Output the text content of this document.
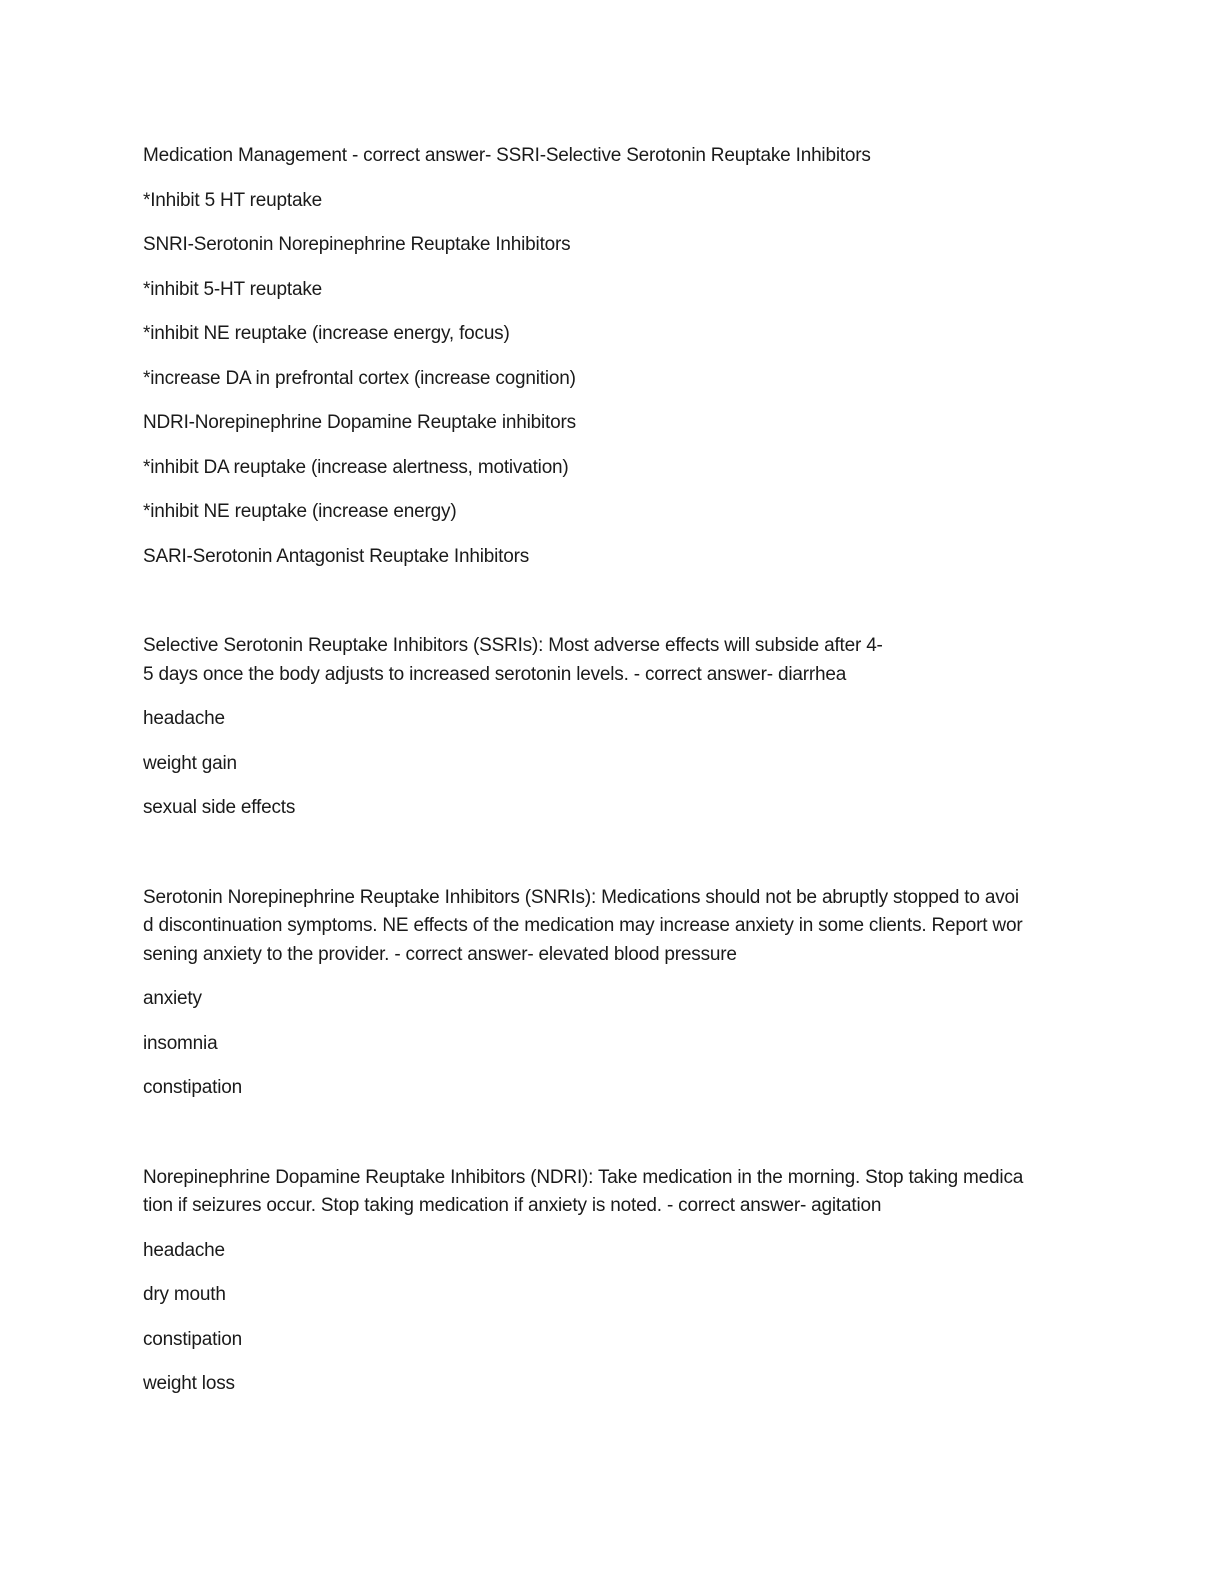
Medication Management - correct answer- SSRI-Selective Serotonin Reuptake Inhibitors
*Inhibit 5 HT reuptake
SNRI-Serotonin Norepinephrine Reuptake Inhibitors
*inhibit 5-HT reuptake
*inhibit NE reuptake (increase energy, focus)
*increase DA in prefrontal cortex (increase cognition)
NDRI-Norepinephrine Dopamine Reuptake inhibitors
*inhibit DA reuptake (increase alertness, motivation)
*inhibit NE reuptake (increase energy)
SARI-Serotonin Antagonist Reuptake Inhibitors
Selective Serotonin Reuptake Inhibitors (SSRIs): Most adverse effects will subside after 4-
5 days once the body adjusts to increased serotonin levels. - correct answer- diarrhea
headache
weight gain
sexual side effects
Serotonin Norepinephrine Reuptake Inhibitors (SNRIs): Medications should not be abruptly stopped to avoi
d discontinuation symptoms. NE effects of the medication may increase anxiety in some clients. Report wor
sening anxiety to the provider. - correct answer- elevated blood pressure
anxiety
insomnia
constipation
Norepinephrine Dopamine Reuptake Inhibitors (NDRI): Take medication in the morning. Stop taking medica
tion if seizures occur. Stop taking medication if anxiety is noted. - correct answer- agitation
headache
dry mouth
constipation
weight loss
